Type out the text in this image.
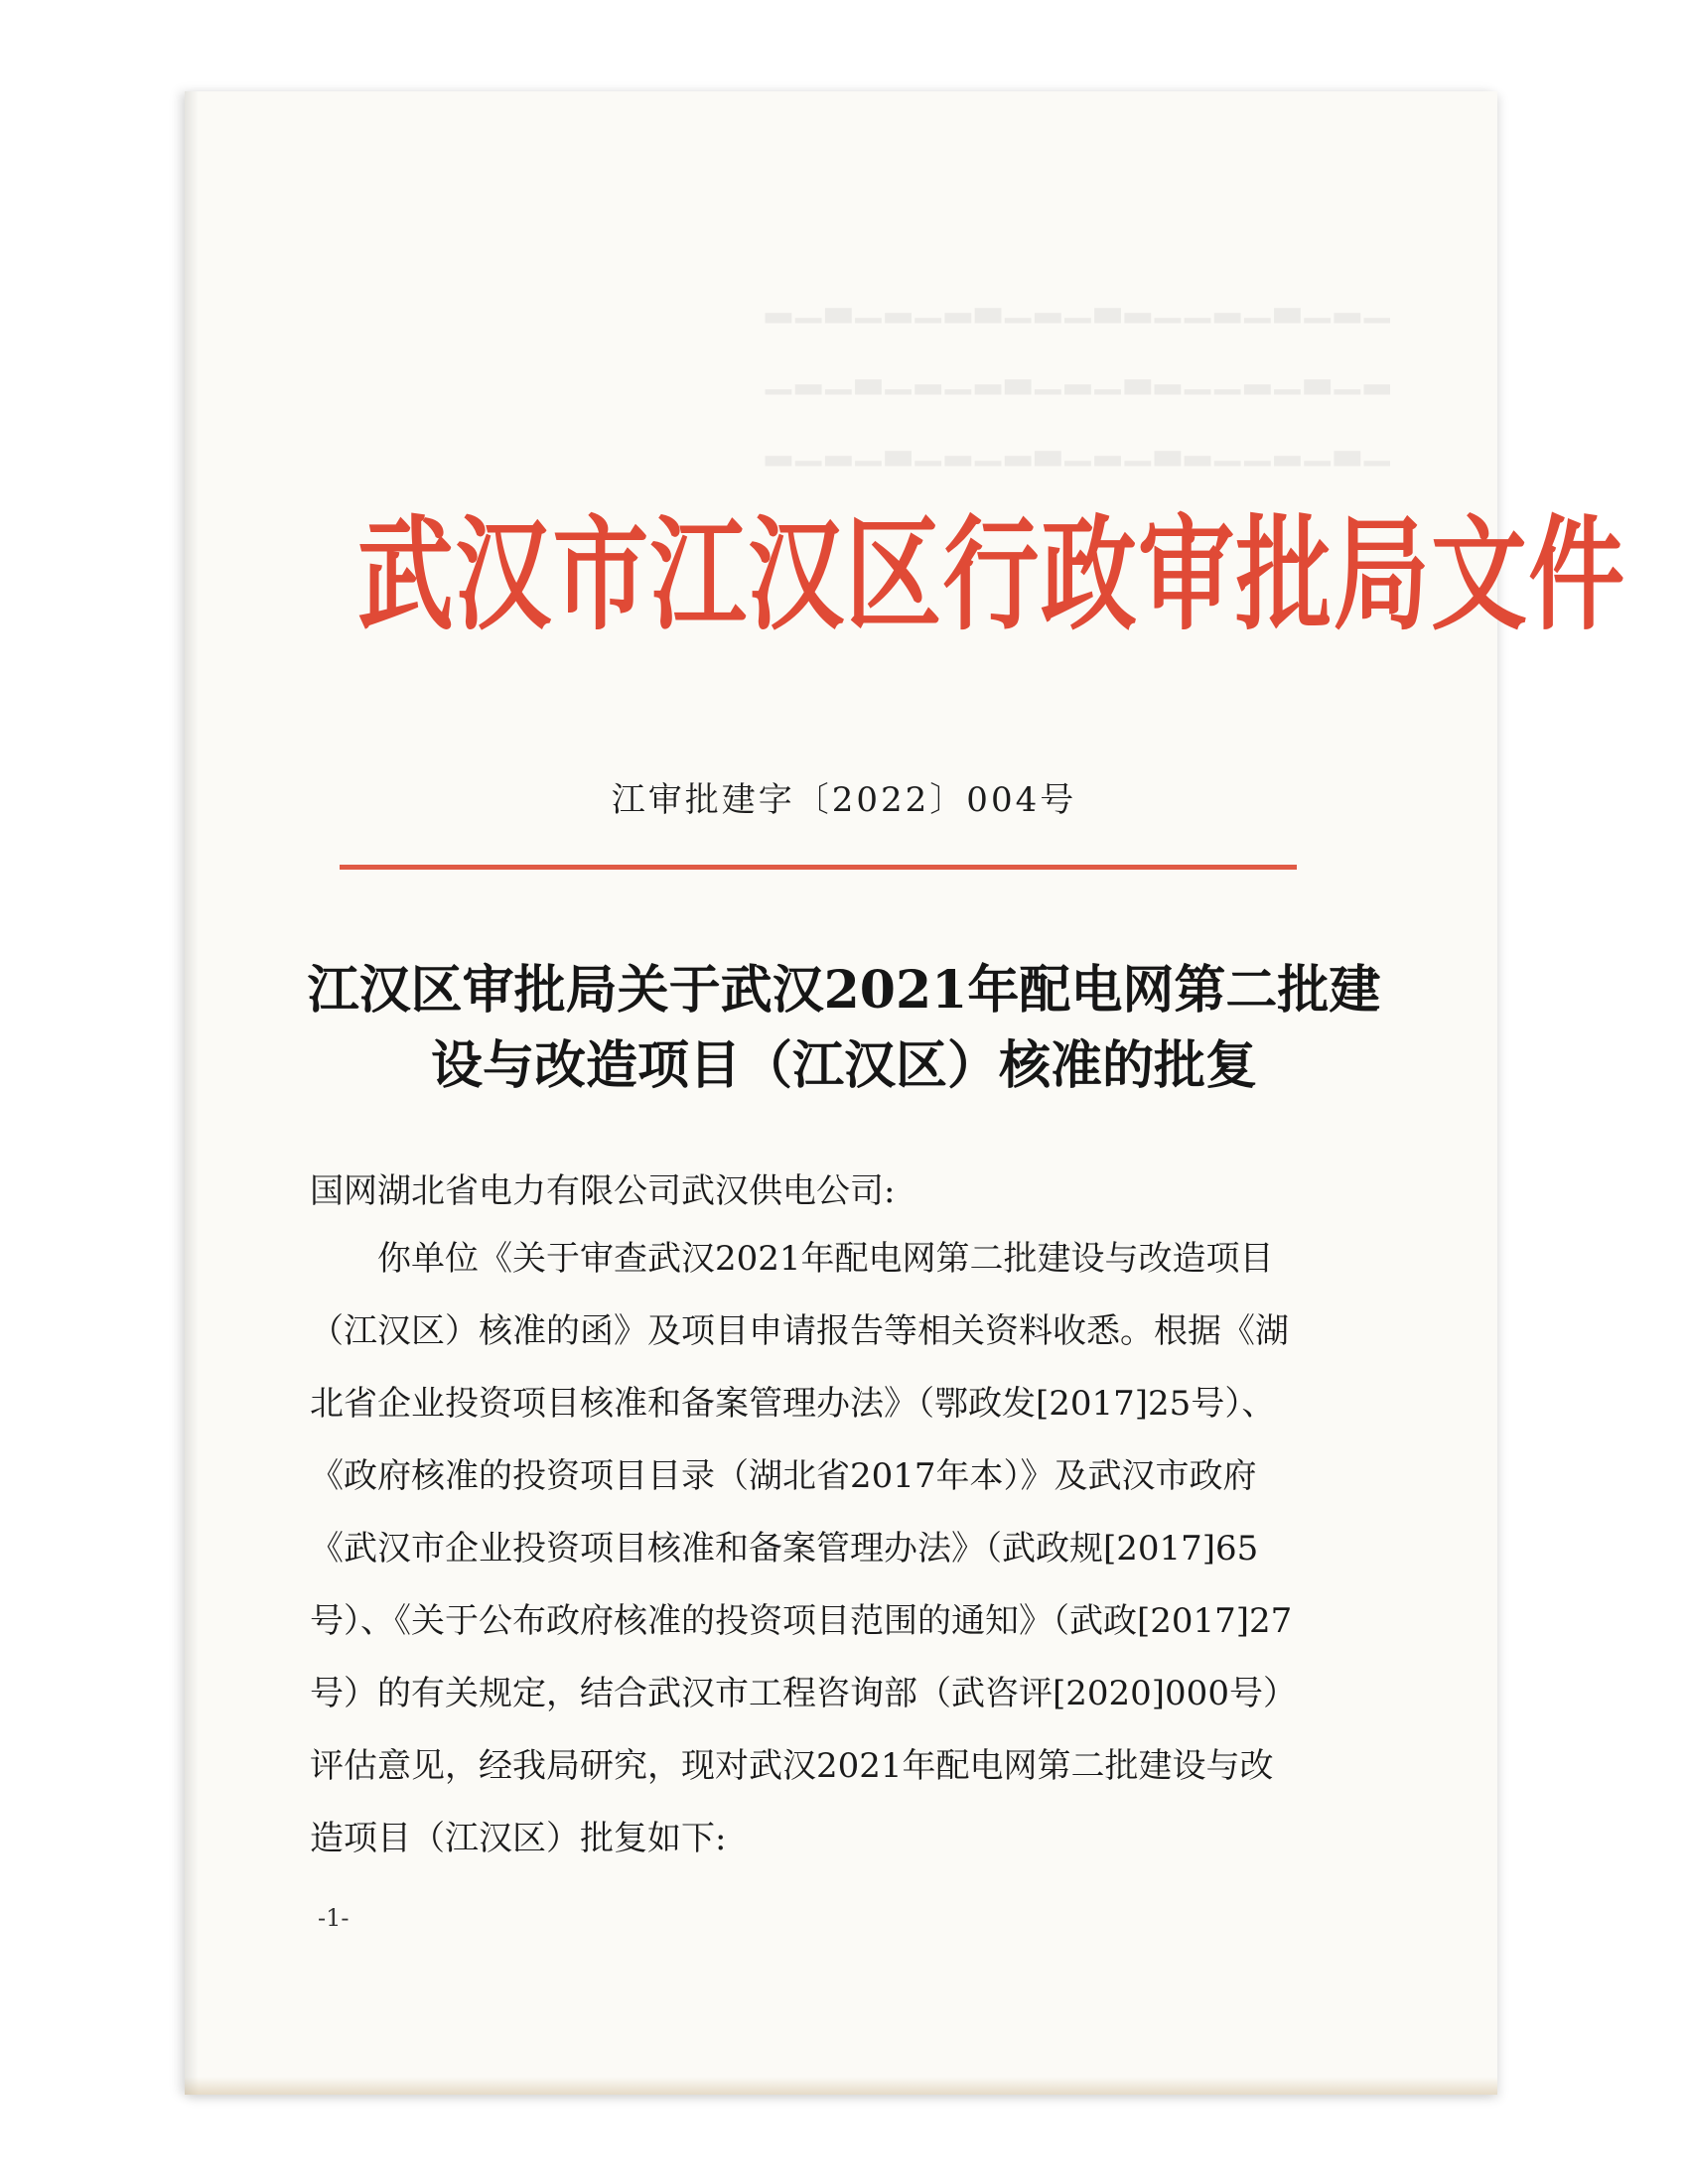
▁▂▁▃▁▂▁▁▂▃▁▂▁▃▂▁▂▁▃▁▂
▂▁▃▁▂▁▁▂▃▁▂▁▃▂▁▂▁▃▁▂▁
▁▃▁▂▁▁▂▃▁▂▁▃▂▁▂▁▃▁▂▁▂
武汉市江汉区行政审批局文件
江审批建字〔2022〕004号
江汉区审批局关于武汉2021年配电网第二批建
设与改造项目（江汉区）核准的批复
国网湖北省电力有限公司武汉供电公司:
你单位《关于审查武汉2021年配电网第二批建设与改造项目
（江汉区）核准的函》及项目申请报告等相关资料收悉。根据《湖
北省企业投资项目核准和备案管理办法》（鄂政发[2017]25号）、
《政府核准的投资项目目录（湖北省2017年本）》及武汉市政府
《武汉市企业投资项目核准和备案管理办法》（武政规[2017]65
号）、《关于公布政府核准的投资项目范围的通知》（武政[2017]27
号）的有关规定，结合武汉市工程咨询部（武咨评[2020]000号）
评估意见，经我局研究，现对武汉2021年配电网第二批建设与改
造项目（江汉区）批复如下:
-1-
